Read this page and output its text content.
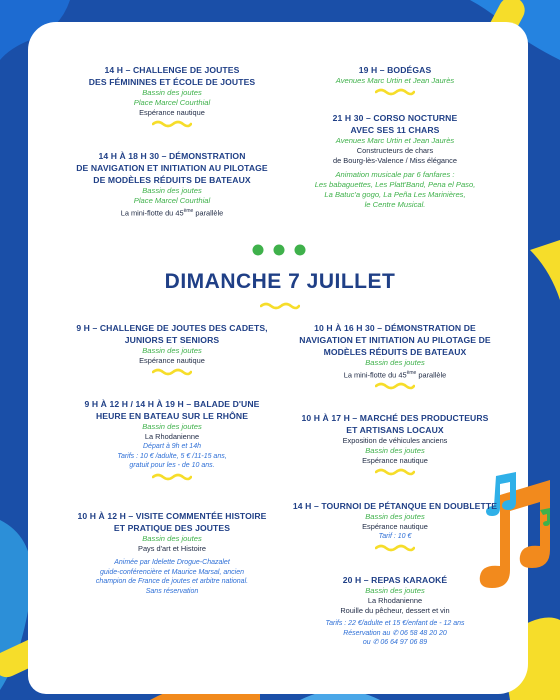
14 H – CHALLENGE DE JOUTES
DES FÉMININES ET ÉCOLE DE JOUTES
Bassin des joutes
Place Marcel Courthial
Espérance nautique
14 H À 18 H 30 – DÉMONSTRATION
DE NAVIGATION ET INITIATION AU PILOTAGE
DE MODÈLES RÉDUITS DE BATEAUX
Bassin des joutes
Place Marcel Courthial
La mini-flotte du 45ème parallèle
19 H – BODÉGAS
Avenues Marc Urtin et Jean Jaurès
21 H 30 – CORSO NOCTURNE
AVEC SES 11 CHARS
Avenues Marc Urtin et Jean Jaurès
Constructeurs de chars
de Bourg-lès-Valence / Miss élégance
Animation musicale par 6 fanfares :
Les babaguettes, Les Platt'Band, Pena el Paso,
La Batuc'a gogo, La Peña Les Marinières,
le Centre Musical.
DIMANCHE 7 JUILLET
9 H – CHALLENGE DE JOUTES DES CADETS,
JUNIORS ET SENIORS
Bassin des joutes
Espérance nautique
9 H À 12 H / 14 H À 19 H – BALADE D'UNE
HEURE EN BATEAU SUR LE RHÔNE
Bassin des joutes
La Rhodanienne
Départ à 9h et 14h
Tarifs : 10 € /adulte, 5 € /11-15 ans,
gratuit pour les - de 10 ans.
10 H À 12 H – VISITE COMMENTÉE HISTOIRE
ET PRATIQUE DES JOUTES
Bassin des joutes
Pays d'art et Histoire
Animée par Idelette Drogue-Chazalet
guide-conférencière et Maurice Marsal, ancien
champion de France de joutes et arbitre national.
Sans réservation
10 H À 16 H 30 – DÉMONSTRATION DE
NAVIGATION ET INITIATION AU PILOTAGE DE
MODÈLES RÉDUITS DE BATEAUX
Bassin des joutes
La mini-flotte du 45ème parallèle
10 H À 17 H – MARCHÉ DES PRODUCTEURS
ET ARTISANS LOCAUX
Exposition de véhicules anciens
Bassin des joutes
Espérance nautique
14 H – TOURNOI DE PÉTANQUE EN DOUBLETTE
Bassin des joutes
Espérance nautique
Tarif : 10 €
20 H – REPAS KARAOKÉ
Bassin des joutes
La Rhodanienne
Rouille du pêcheur, dessert et vin
Tarifs : 22 €/adulte et 15 €/enfant de - 12 ans
Réservation au ✆ 06 58 48 20 20
ou ✆ 06 64 97 06 89
